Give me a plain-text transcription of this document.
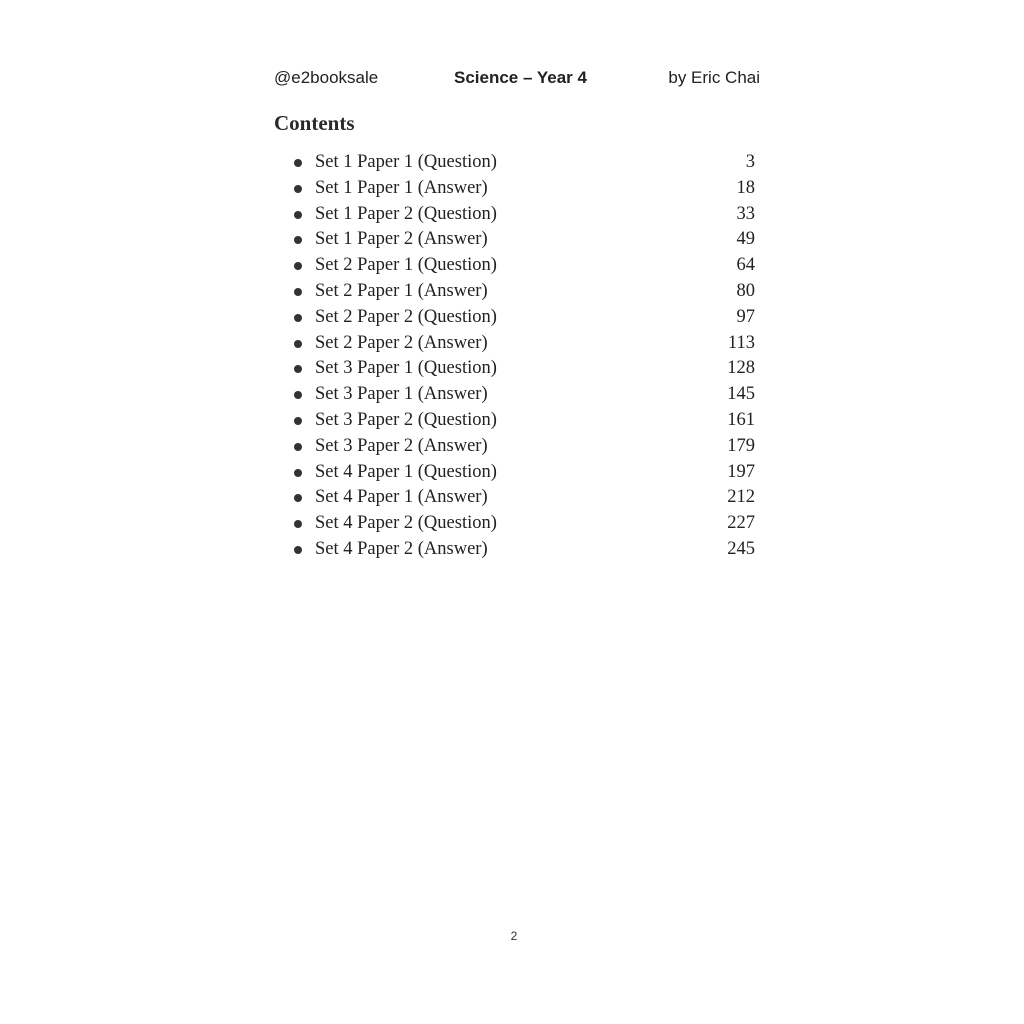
@e2booksale	Science – Year 4	by Eric Chai
Contents
Set 1 Paper 1 (Question)	3
Set 1 Paper 1 (Answer)	18
Set 1 Paper 2 (Question)	33
Set 1 Paper 2 (Answer)	49
Set 2 Paper 1 (Question)	64
Set 2 Paper 1 (Answer)	80
Set 2 Paper 2 (Question)	97
Set 2 Paper 2 (Answer)	113
Set 3 Paper 1 (Question)	128
Set 3 Paper 1 (Answer)	145
Set 3 Paper 2 (Question)	161
Set 3 Paper 2 (Answer)	179
Set 4 Paper 1 (Question)	197
Set 4 Paper 1 (Answer)	212
Set 4 Paper 2 (Question)	227
Set 4 Paper 2 (Answer)	245
2
